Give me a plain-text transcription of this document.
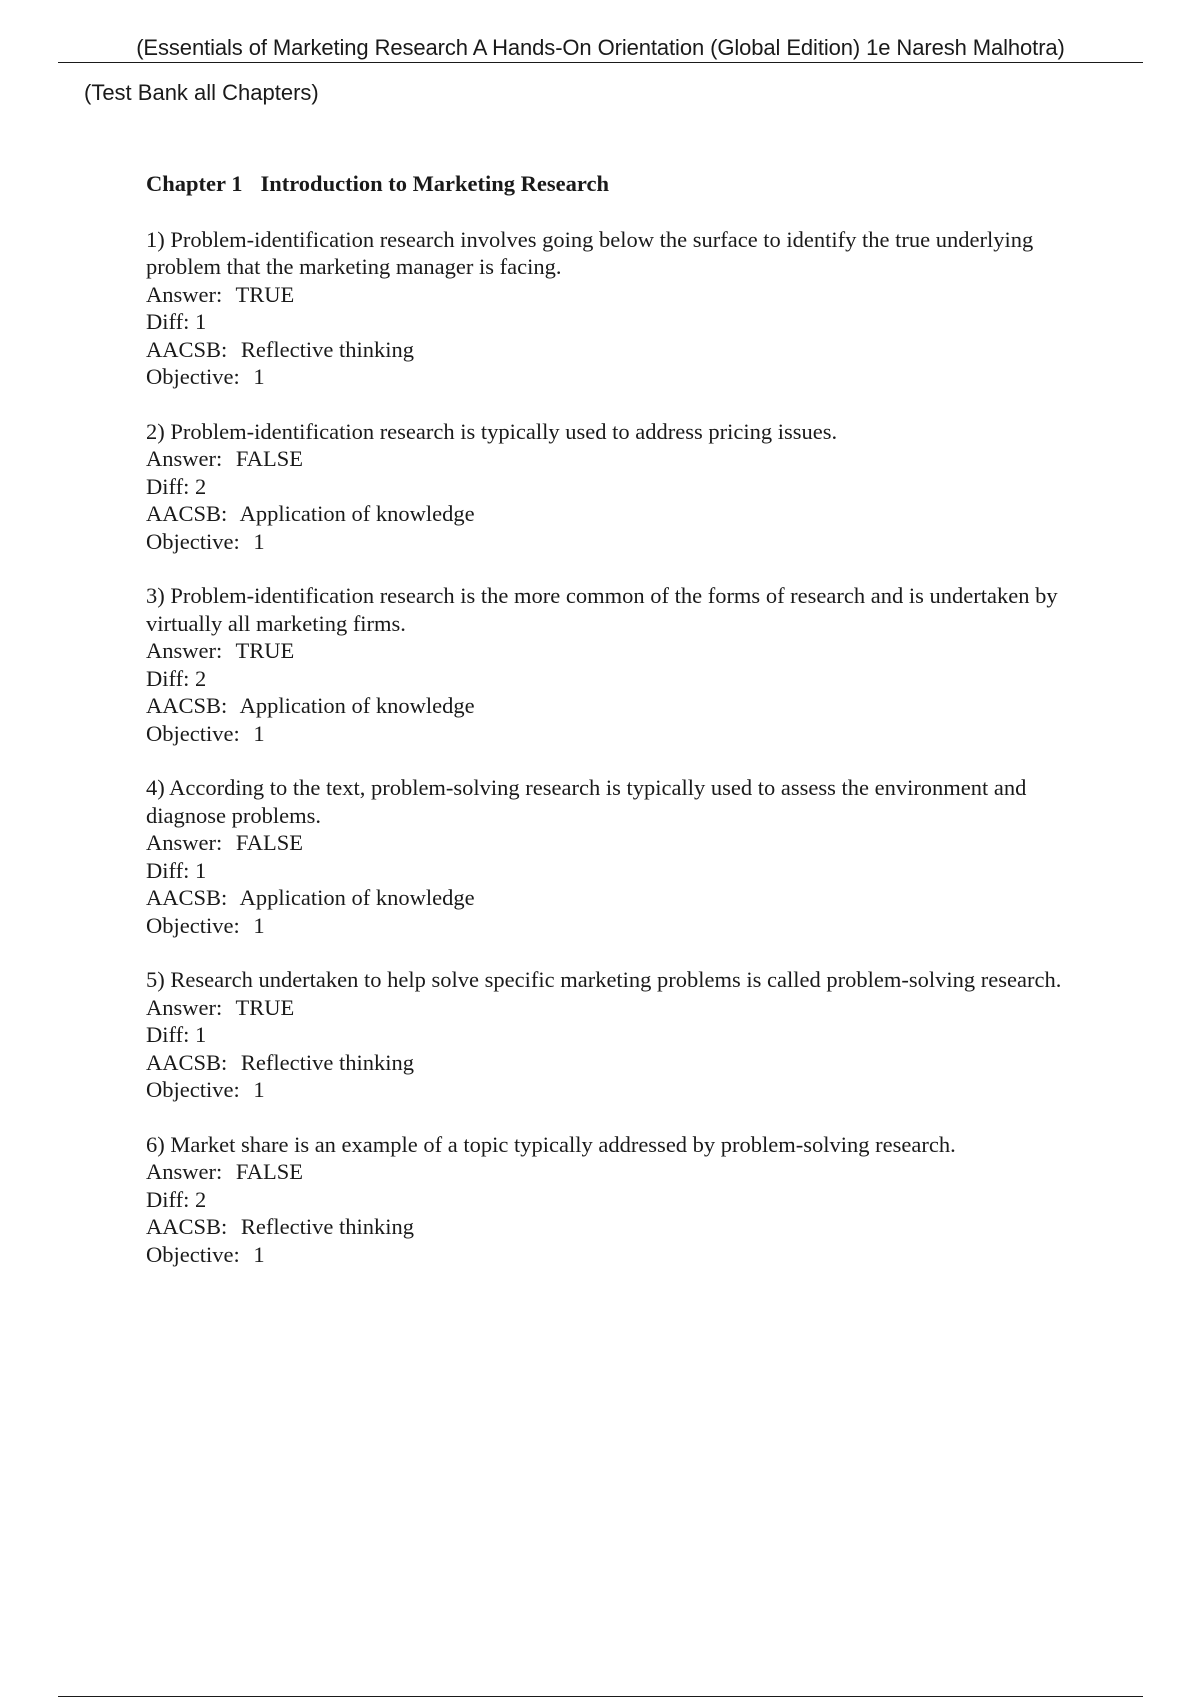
(Essentials of Marketing Research A Hands-On Orientation (Global Edition) 1e Naresh Malhotra)
(Test Bank all Chapters)
Chapter 1 Introduction to Marketing Research

1) Problem-identification research involves going below the surface to identify the true underlying problem that the marketing manager is facing.

Answer: TRUE

Diff: 1

AACSB: Reflective thinking

Objective: 1

2) Problem-identification research is typically used to address pricing issues.

Answer: FALSE

Diff: 2

AACSB: Application of knowledge

Objective: 1

3) Problem-identification research is the more common of the forms of research and is undertaken by virtually all marketing firms.

Answer: TRUE

Diff: 2

AACSB: Application of knowledge

Objective: 1

4) According to the text, problem-solving research is typically used to assess the environment and diagnose problems.

Answer: FALSE

Diff: 1

AACSB: Application of knowledge

Objective: 1

5) Research undertaken to help solve specific marketing problems is called problem-solving research.

Answer: TRUE

Diff: 1

AACSB: Reflective thinking

Objective: 1

6) Market share is an example of a topic typically addressed by problem-solving research.

Answer: FALSE

Diff: 2

AACSB: Reflective thinking

Objective: 1
